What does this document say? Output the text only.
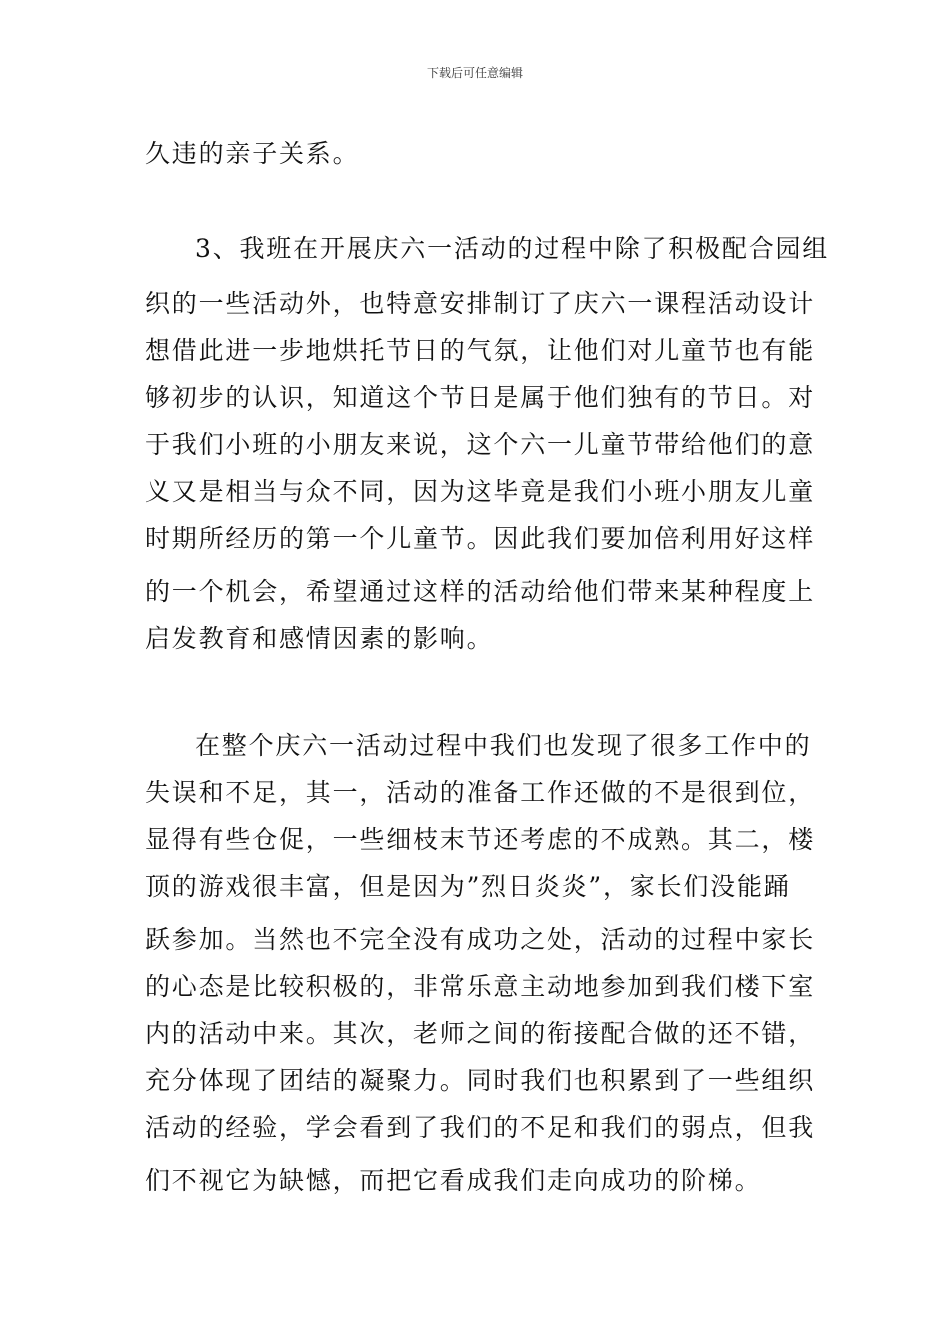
下载后可任意编辑
久违的亲子关系。
3、我班在开展庆六一活动的过程中除了积极配合园组
织的一些活动外，也特意安排制订了庆六一课程活动设计
想借此进一步地烘托节日的气氛，让他们对儿童节也有能
够初步的认识，知道这个节日是属于他们独有的节日。对
于我们小班的小朋友来说，这个六一儿童节带给他们的意
义又是相当与众不同，因为这毕竟是我们小班小朋友儿童
时期所经历的第一个儿童节。因此我们要加倍利用好这样
的一个机会，希望通过这样的活动给他们带来某种程度上
启发教育和感情因素的影响。
在整个庆六一活动过程中我们也发现了很多工作中的
失误和不足，其一，活动的准备工作还做的不是很到位，
显得有些仓促，一些细枝末节还考虑的不成熟。其二，楼
顶的游戏很丰富，但是因为”烈日炎炎”，家长们没能踊
跃参加。当然也不完全没有成功之处，活动的过程中家长
的心态是比较积极的，非常乐意主动地参加到我们楼下室
内的活动中来。其次，老师之间的衔接配合做的还不错，
充分体现了团结的凝聚力。同时我们也积累到了一些组织
活动的经验，学会看到了我们的不足和我们的弱点，但我
们不视它为缺憾，而把它看成我们走向成功的阶梯。
